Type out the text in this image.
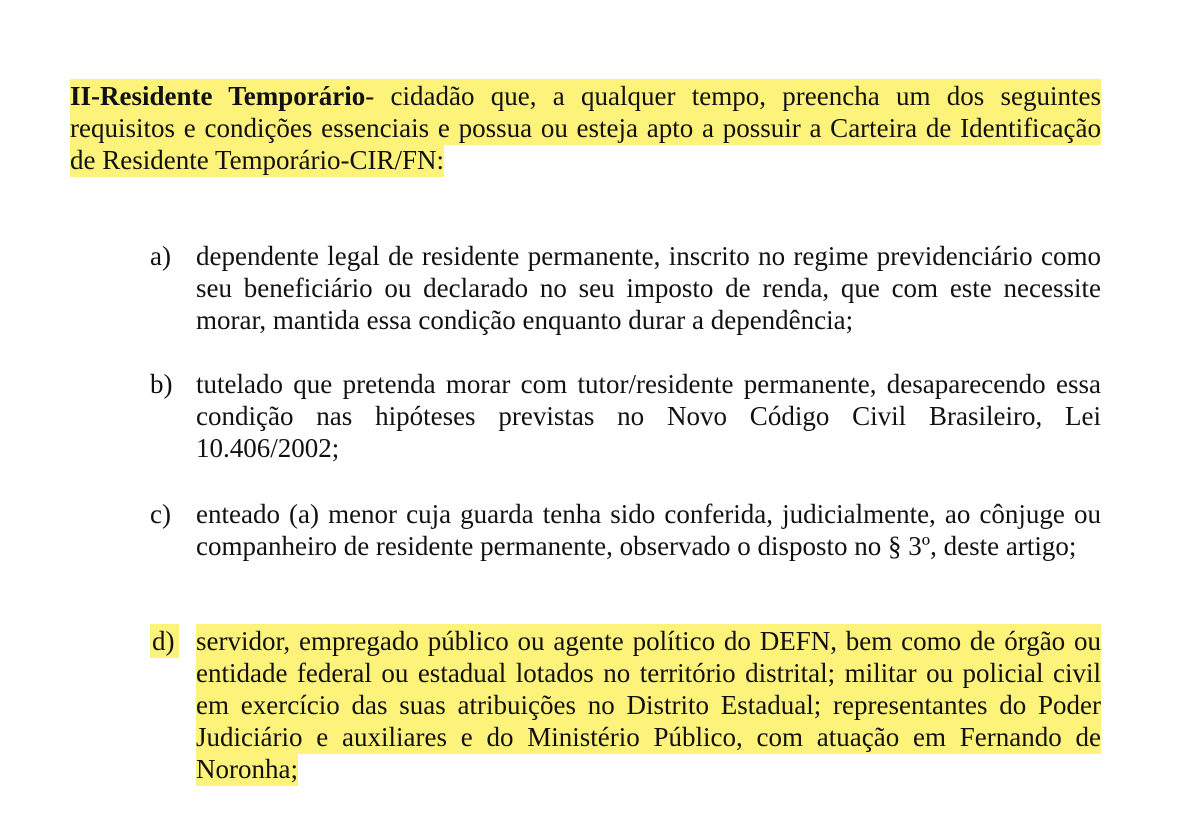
II-Residente Temporário- cidadão que, a qualquer tempo, preencha um dos seguintes requisitos e condições essenciais e possua ou esteja apto a possuir a Carteira de Identificação de Residente Temporário-CIR/FN:

a) dependente legal de residente permanente, inscrito no regime previdenciário como seu beneficiário ou declarado no seu imposto de renda, que com este necessite morar, mantida essa condição enquanto durar a dependência;
b) tutelado que pretenda morar com tutor/residente permanente, desaparecendo essa condição nas hipóteses previstas no Novo Código Civil Brasileiro, Lei 10.406/2002;
c) enteado (a) menor cuja guarda tenha sido conferida, judicialmente, ao cônjuge ou companheiro de residente permanente, observado o disposto no § 3º, deste artigo;
d) servidor, empregado público ou agente político do DEFN, bem como de órgão ou entidade federal ou estadual lotados no território distrital; militar ou policial civil em exercício das suas atribuições no Distrito Estadual; representantes do Poder Judiciário e auxiliares e do Ministério Público, com atuação em Fernando de Noronha;
